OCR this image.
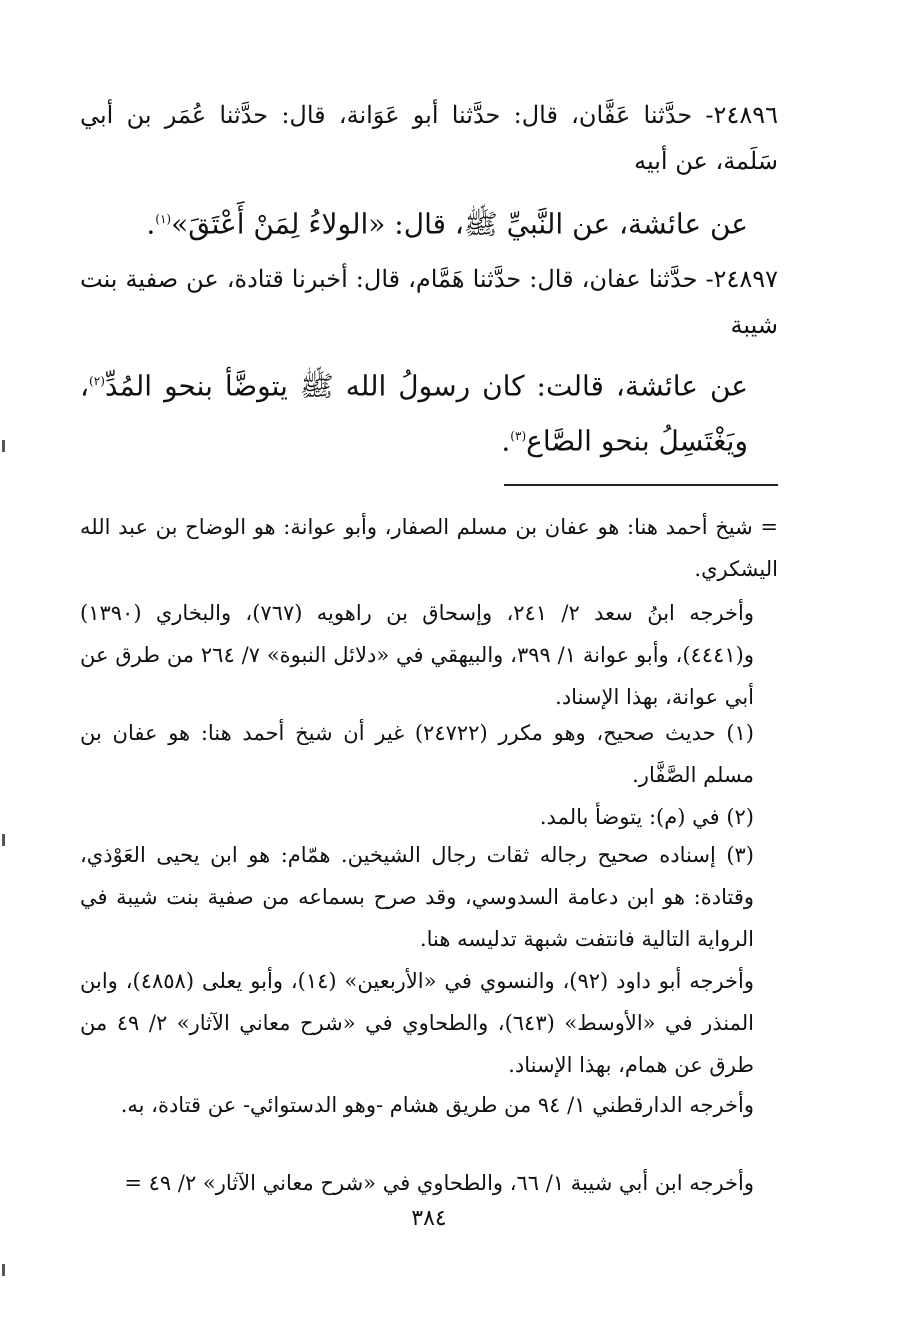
٢٤٨٩٦- حدَّثنا عَفَّان، قال: حدَّثنا أبو عَوَانة، قال: حدَّثنا عُمَر بن أبي سَلَمة، عن أبيه

عن عائشة، عن النَّبيِّ ﷺ، قال: «الولاءُ لِمَنْ أَعْتَقَ»$^{(١)}$.

٢٤٨٩٧- حدَّثنا عفان، قال: حدَّثنا هَمَّام، قال: أخبرنا قتادة، عن صفية بنت شيبة

عن عائشة، قالت: كان رسولُ الله ﷺ يتوضَّأ بنحو المُدِّ$^{(٢)}$، ويَغْتَسِلُ بنحو الصَّاع$^{(٣)}$.

= شيخ أحمد هنا: هو عفان بن مسلم الصفار، وأبو عوانة: هو الوضاح بن عبد الله اليشكري.

وأخرجه ابنُ سعد ٢/ ٢٤١، وإسحاق بن راهويه (٧٦٧)، والبخاري (١٣٩٠) و(٤٤٤١)، وأبو عوانة ١/ ٣٩٩، والبيهقي في «دلائل النبوة» ٧/ ٢٦٤ من طرق عن أبي عوانة، بهذا الإسناد.

(١) حديث صحيح، وهو مكرر (٢٤٧٢٢) غير أن شيخ أحمد هنا: هو عفان بن مسلم الصَّفَّار.

(٢) في (م): يتوضأ بالمد.

(٣) إسناده صحيح رجاله ثقات رجال الشيخين. همّام: هو ابن يحيى العَوْذي، وقتادة: هو ابن دعامة السدوسي، وقد صرح بسماعه من صفية بنت شيبة في الرواية التالية فانتفت شبهة تدليسه هنا.

وأخرجه أبو داود (٩٢)، والنسوي في «الأربعين» (١٤)، وأبو يعلى (٤٨٥٨)، وابن المنذر في «الأوسط» (٦٤٣)، والطحاوي في «شرح معاني الآثار» ٢/ ٤٩ من طرق عن همام، بهذا الإسناد.

وأخرجه الدارقطني ١/ ٩٤ من طريق هشام -وهو الدستوائي- عن قتادة، به.

وأخرجه ابن أبي شيبة ١/ ٦٦، والطحاوي في «شرح معاني الآثار» ٢/ ٤٩ =

٣٨٤
